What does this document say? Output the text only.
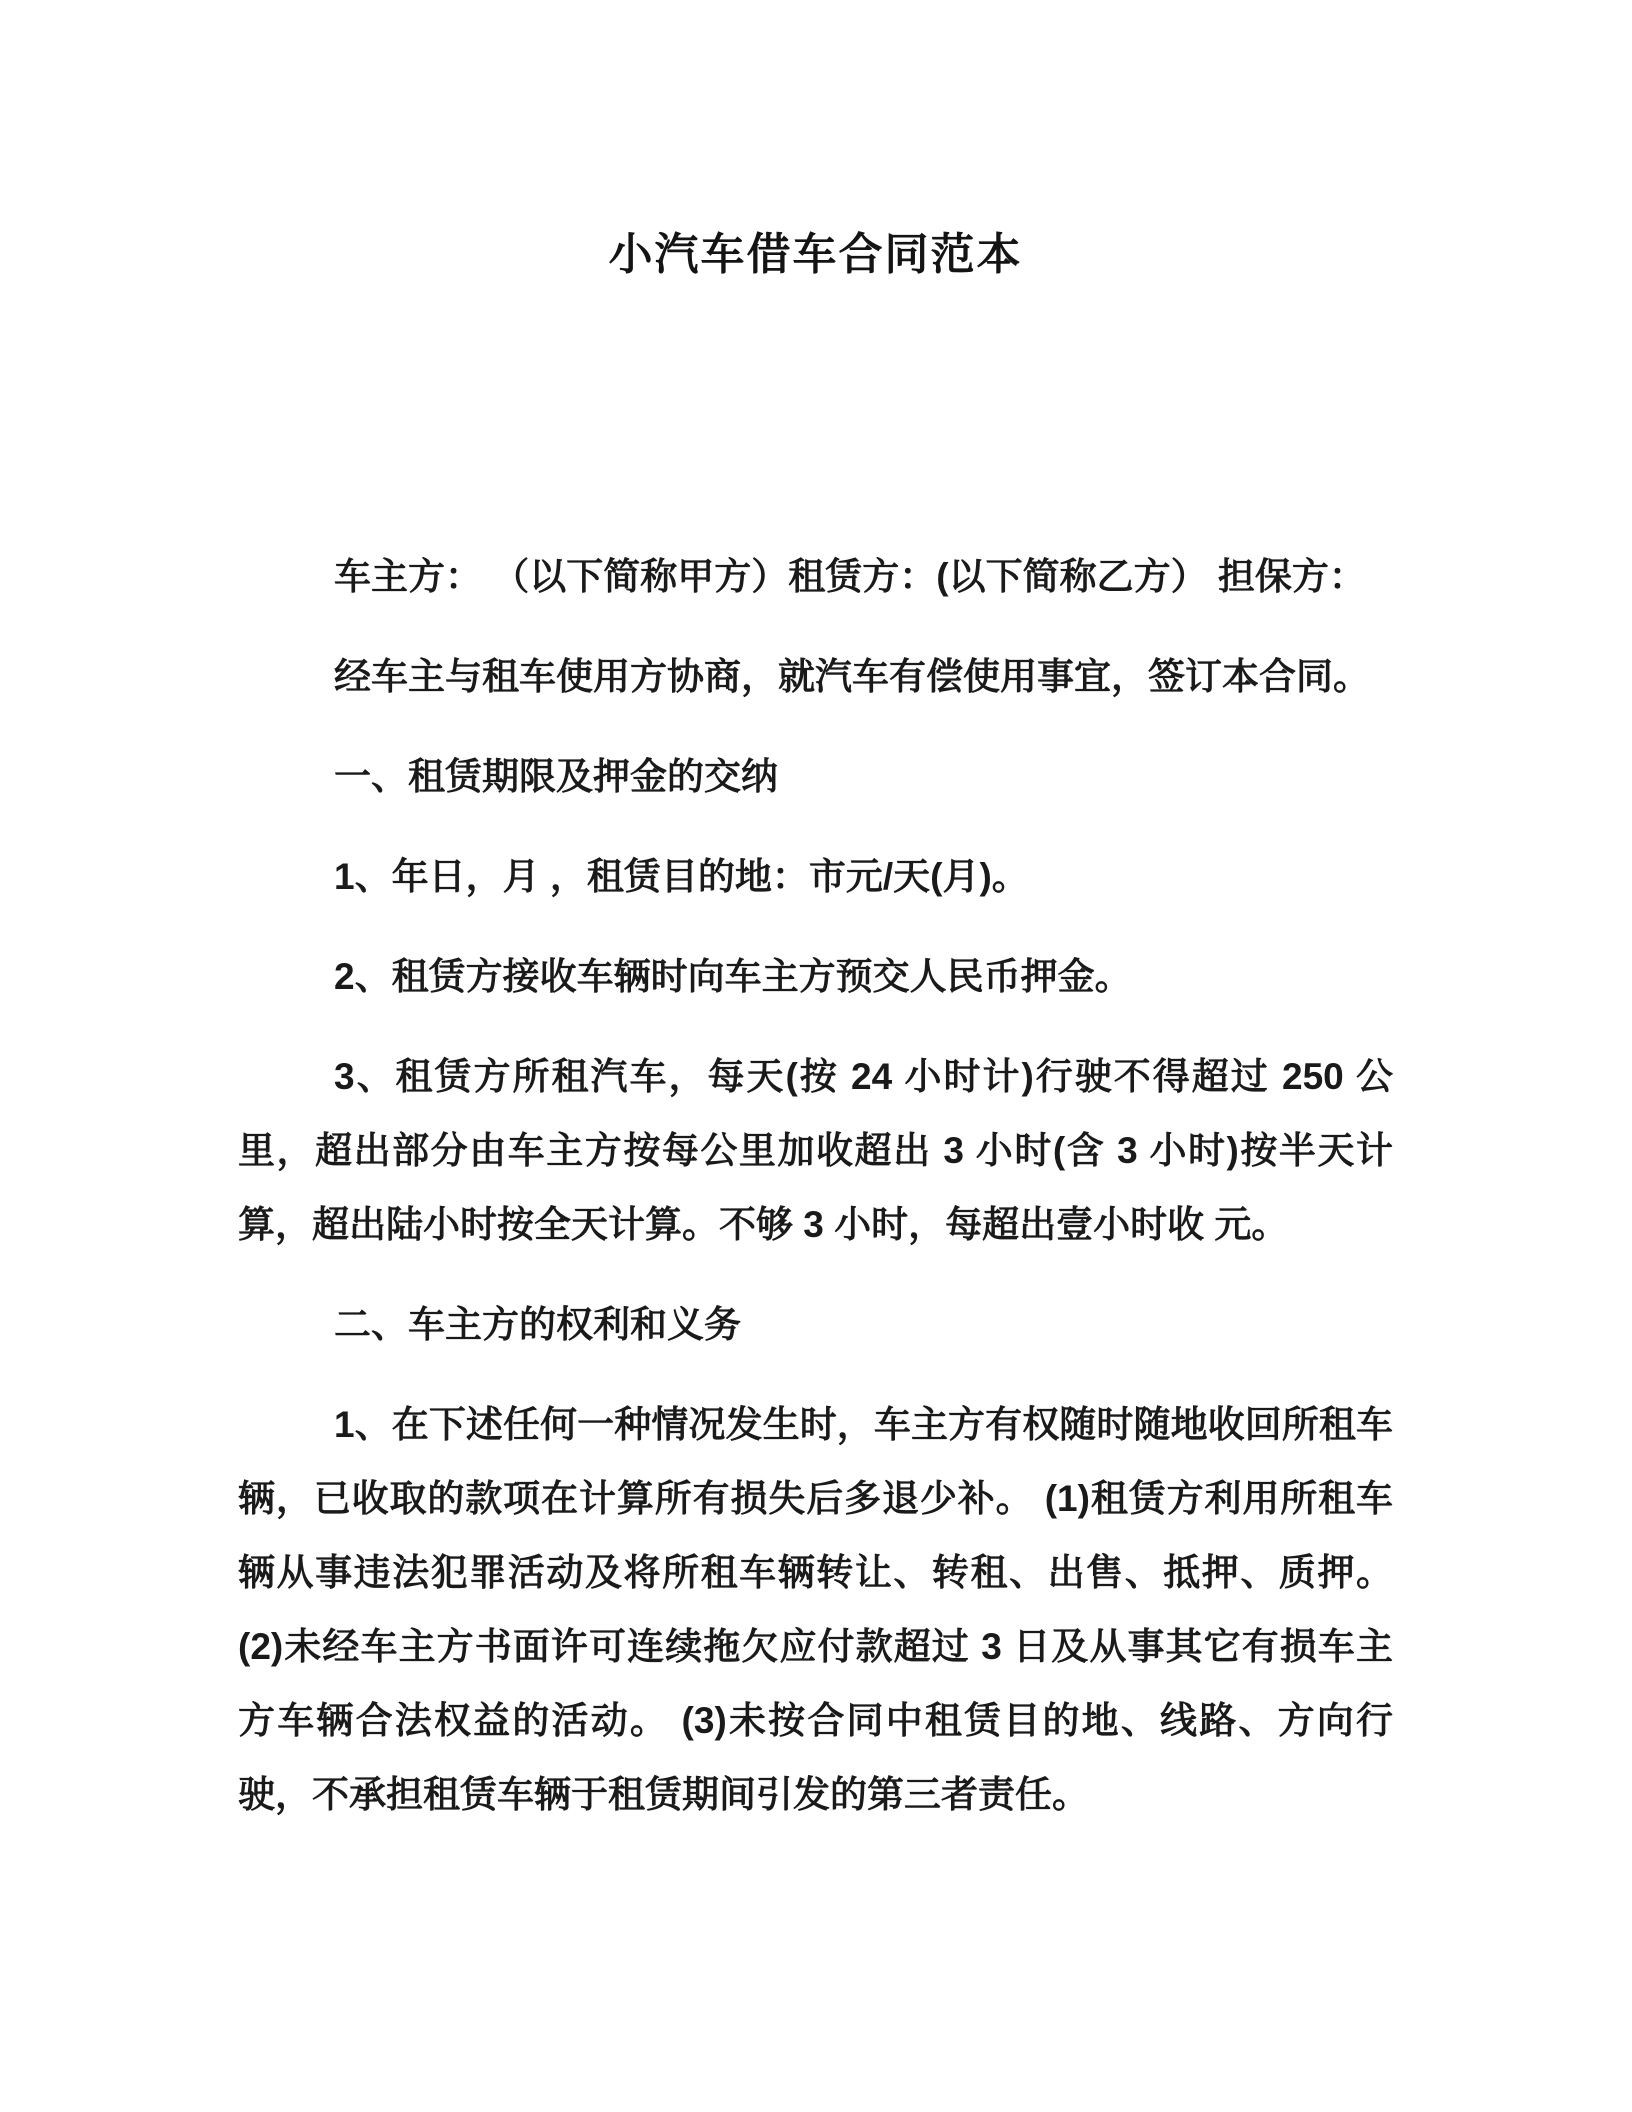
小汽车借车合同范本

车主方： （以下简称甲方）租赁方：(以下简称乙方） 担保方：

经车主与租车使用方协商，就汽车有偿使用事宜，签订本合同。

一、租赁期限及押金的交纳

1、年日，月 ，租赁目的地：市元/天(月)。

2、租赁方接收车辆时向车主方预交人民币押金。

3、租赁方所租汽车，每天(按 24 小时计)行驶不得超过 250 公里，超出部分由车主方按每公里加收超出 3 小时(含 3 小时)按半天计算，超出陆小时按全天计算。不够 3 小时，每超出壹小时收 元。

二、车主方的权利和义务

1、在下述任何一种情况发生时，车主方有权随时随地收回所租车辆，已收取的款项在计算所有损失后多退少补。 (1)租赁方利用所租车辆从事违法犯罪活动及将所租车辆转让、转租、出售、抵押、质押。(2)未经车主方书面许可连续拖欠应付款超过 3 日及从事其它有损车主方车辆合法权益的活动。 (3)未按合同中租赁目的地、线路、方向行驶，不承担租赁车辆于租赁期间引发的第三者责任。
